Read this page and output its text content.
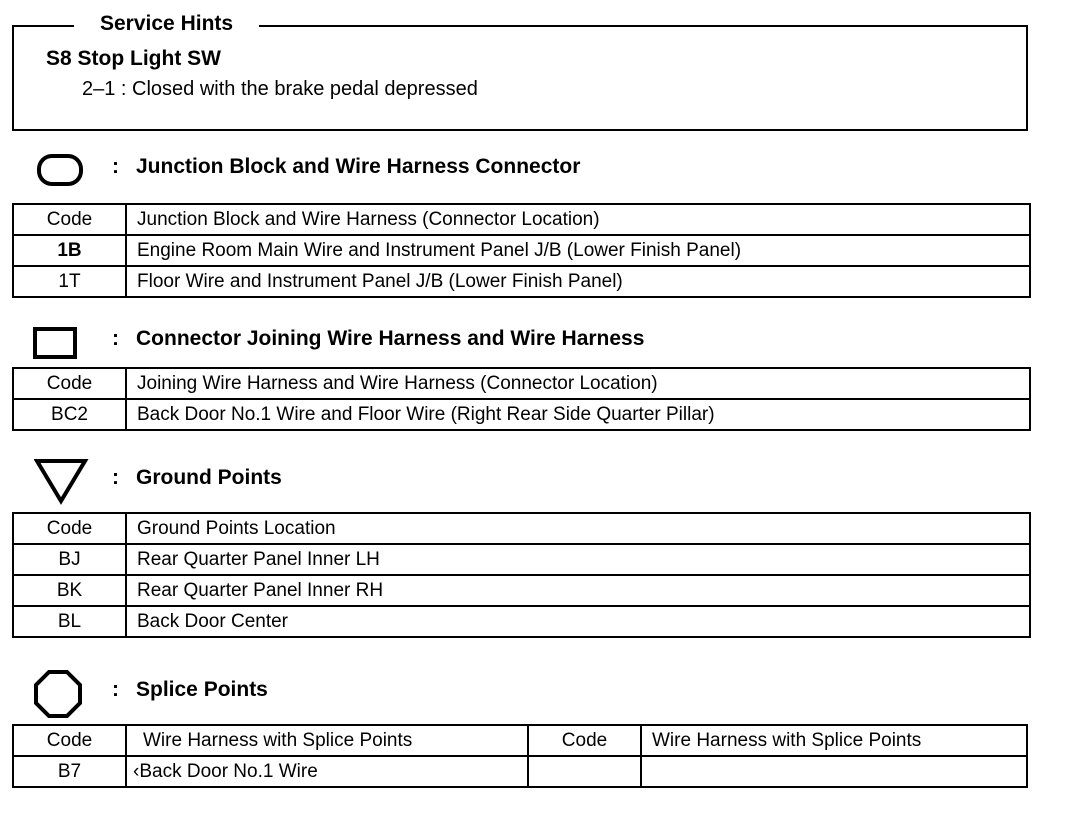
Service Hints
S8 Stop Light SW
2–1 : Closed with the brake pedal depressed
: Junction Block and Wire Harness Connector
Code	Junction Block and Wire Harness (Connector Location)
1B	Engine Room Main Wire and Instrument Panel J/B (Lower Finish Panel)
1T	Floor Wire and Instrument Panel J/B (Lower Finish Panel)
: Connector Joining Wire Harness and Wire Harness
Code	Joining Wire Harness and Wire Harness (Connector Location)
BC2	Back Door No.1 Wire and Floor Wire (Right Rear Side Quarter Pillar)
: Ground Points
Code	Ground Points Location
BJ	Rear Quarter Panel Inner LH
BK	Rear Quarter Panel Inner RH
BL	Back Door Center
: Splice Points
Code	Wire Harness with Splice Points	Code	Wire Harness with Splice Points
B7	‹Back Door No.1 Wire		
